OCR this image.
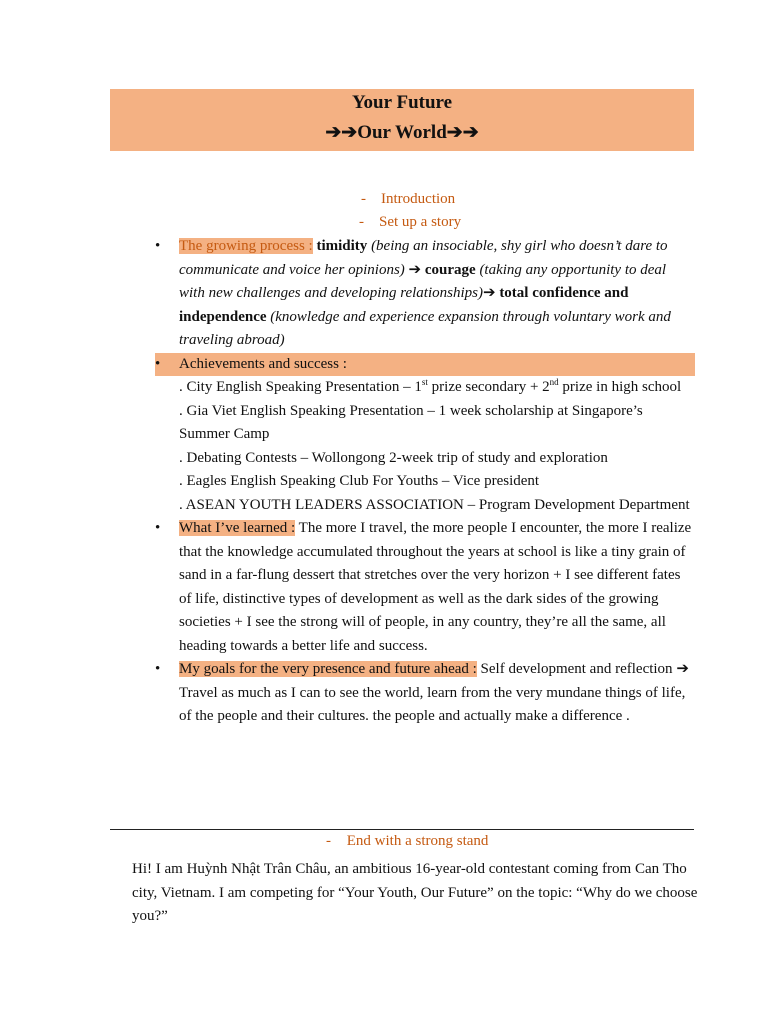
Your Future
➔➔Our World➔➔
- Introduction
- Set up a story

• The growing process : timidity (being an insociable, shy girl who doesn’t dare to communicate and voice her opinions) ➔ courage (taking any opportunity to deal with new challenges and developing relationships)➔ total confidence and independence (knowledge and experience expansion through voluntary work and traveling abroad)

• Achievements and success :
. City English Speaking Presentation – 1st prize secondary + 2nd prize in high school
. Gia Viet English Speaking Presentation – 1 week scholarship at Singapore’s Summer Camp
. Debating Contests – Wollongong 2-week trip of study and exploration
. Eagles English Speaking Club For Youths – Vice president
. ASEAN YOUTH LEADERS ASSOCIATION – Program Development Department

• What I’ve learned : The more I travel, the more people I encounter, the more I realize that the knowledge accumulated throughout the years at school is like a tiny grain of sand in a far-flung dessert that stretches over the very horizon + I see different fates of life, distinctive types of development as well as the dark sides of the growing societies + I see the strong will of people, in any country, they’re all the same, all heading towards a better life and success.

• My goals for the very presence and future ahead : Self development and reflection ➔ Travel as much as I can to see the world, learn from the very mundane things of life, of the people and their cultures. the people and actually make a difference .

- End with a strong stand
Hi! I am Huỳnh Nhật Trân Châu, an ambitious 16-year-old contestant coming from Can Tho city, Vietnam. I am competing for “Your Youth, Our Future” on the topic: “Why do we choose you?”
